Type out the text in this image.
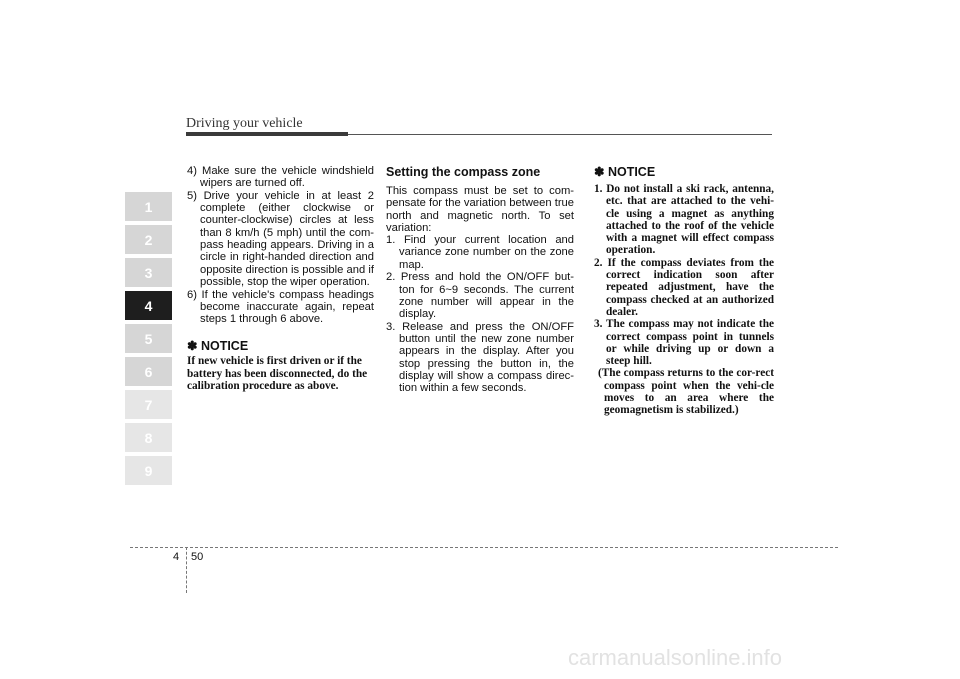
Driving your vehicle
1
2
3
4
5
6
7
8
9

4) Make sure the vehicle windshield wipers are turned off.

5) Drive your vehicle in at least 2 complete (either clockwise or counter-clockwise) circles at less than 8 km/h (5 mph) until the com-pass heading appears. Driving in a circle in right-handed direction and opposite direction is possible and if possible, stop the wiper operation.

6) If the vehicle's compass headings become inaccurate again, repeat steps 1 through 6 above.

✽ NOTICE

If new vehicle is first driven or if the battery has been disconnected, do the calibration procedure as above.

Setting the compass zone

This compass must be set to com-pensate for the variation between true north and magnetic north. To set variation:

1. Find your current location and variance zone number on the zone map.

2. Press and hold the ON/OFF but-ton for 6~9 seconds. The current zone number will appear in the display.

3. Release and press the ON/OFF button until the new zone number appears in the display. After you stop pressing the button in, the display will show a compass direc-tion within a few seconds.

✽ NOTICE

1. Do not install a ski rack, antenna, etc. that are attached to the vehi-cle using a magnet as anything attached to the roof of the vehicle with a magnet will effect compass operation.

2. If the compass deviates from the correct indication soon after repeated adjustment, have the compass checked at an authorized dealer.

3. The compass may not indicate the correct compass point in tunnels or while driving up or down a steep hill.

(The compass returns to the cor-rect compass point when the vehi-cle moves to an area where the geomagnetism is stabilized.)

4 50
carmanualsonline.info
